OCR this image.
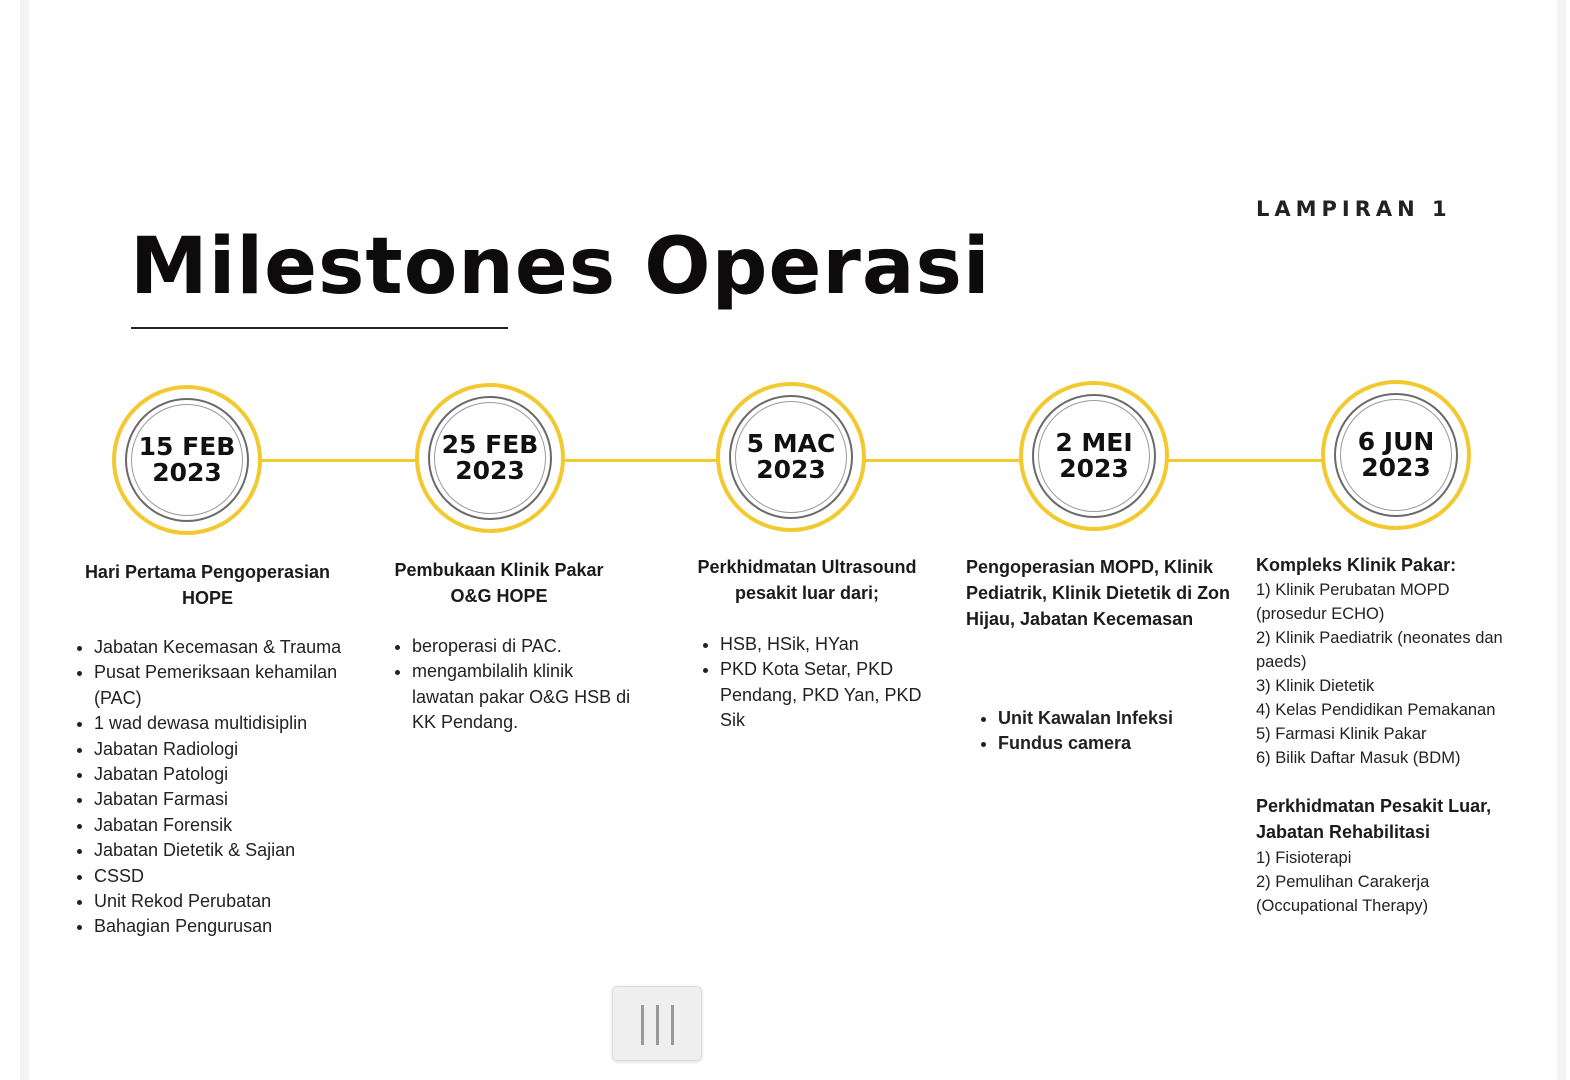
LAMPIRAN 1
Milestones Operasi
15 FEB
2023
25 FEB
2023
5 MAC
2023
2 MEI
2023
6 JUN
2023
Hari Pertama Pengoperasian
HOPE
• Jabatan Kecemasan & Trauma
• Pusat Pemeriksaan kehamilan (PAC)
• 1 wad dewasa multidisiplin
• Jabatan Radiologi
• Jabatan Patologi
• Jabatan Farmasi
• Jabatan Forensik
• Jabatan Dietetik & Sajian
• CSSD
• Unit Rekod Perubatan
• Bahagian Pengurusan
Pembukaan Klinik Pakar
O&G HOPE
• beroperasi di PAC.
• mengambilalih klinik lawatan pakar O&G HSB di KK Pendang.
Perkhidmatan Ultrasound
pesakit luar dari;
• HSB, HSik, HYan
• PKD Kota Setar, PKD Pendang, PKD Yan, PKD Sik
Pengoperasian MOPD, Klinik Pediatrik, Klinik Dietetik di Zon Hijau, Jabatan Kecemasan
• Unit Kawalan Infeksi
• Fundus camera
Kompleks Klinik Pakar:
1) Klinik Perubatan MOPD
(prosedur ECHO)
2) Klinik Paediatrik (neonates dan
paeds)
3) Klinik Dietetik
4) Kelas Pendidikan Pemakanan
5) Farmasi Klinik Pakar
6) Bilik Daftar Masuk (BDM)
Perkhidmatan Pesakit Luar, Jabatan Rehabilitasi
1) Fisioterapi
2) Pemulihan Carakerja
(Occupational Therapy)
